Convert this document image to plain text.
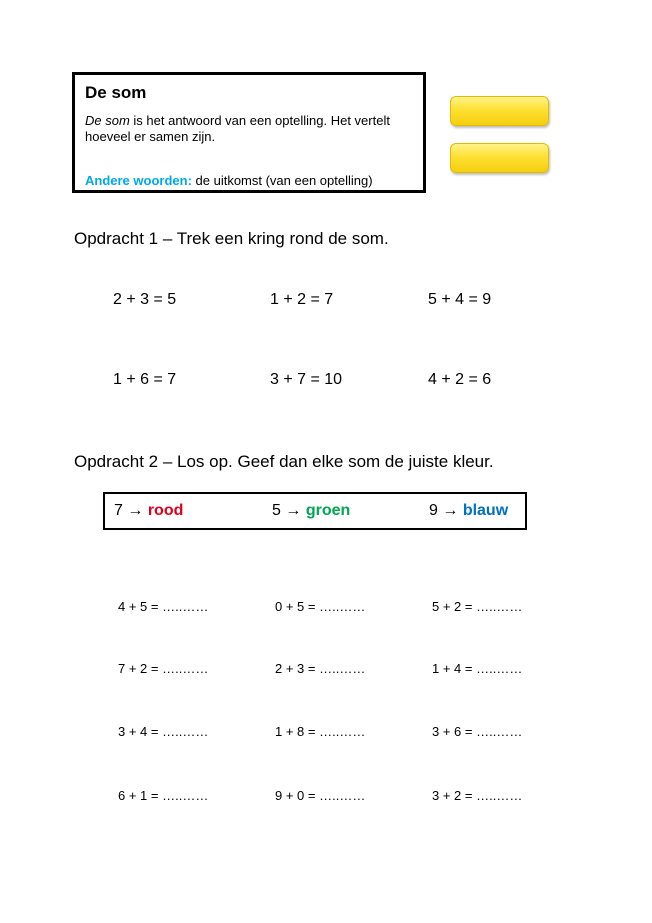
De som

De som is het antwoord van een optelling. Het vertelt hoeveel er samen zijn.

Andere woorden: de uitkomst (van een optelling)
Opdracht 1 – Trek een kring rond de som.
2 + 3 = 5	1 + 2 = 7	5 + 4 = 9
1 + 6 = 7	3 + 7 = 10	4 + 2 = 6
Opdracht 2 – Los op. Geef dan elke som de juiste kleur.
7 → rood	5 → groen	9 → blauw
4 + 5 = …..……	0 + 5 = …..……	5 + 2 = …..……
7 + 2 = …..……	2 + 3 = …..……	1 + 4 = …..……
3 + 4 = …..……	1 + 8 = …..……	3 + 6 = …..……
6 + 1 = …..……	9 + 0 = …..……	3 + 2 = …..……
